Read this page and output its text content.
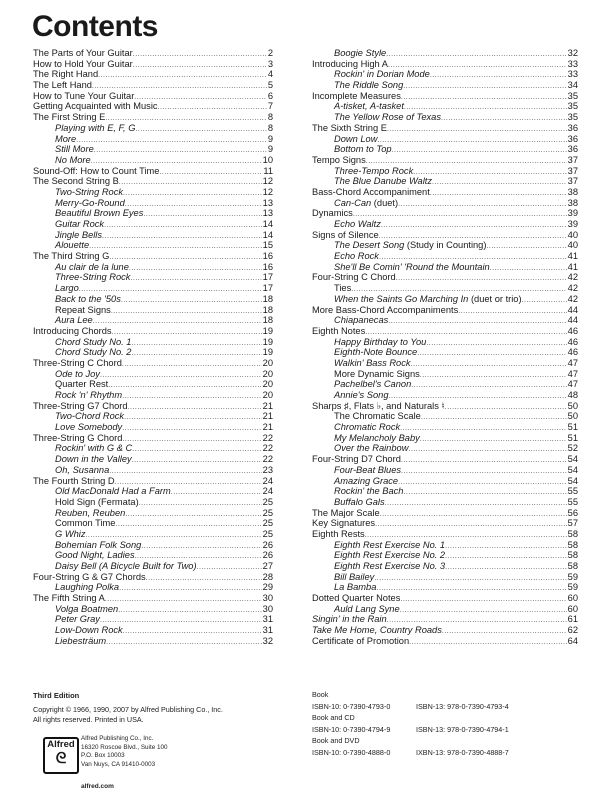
Contents
The Parts of Your Guitar .....	2
How to Hold Your Guitar .....	3
The Right Hand .....	4
The Left Hand .....	5
How to Tune Your Guitar .....	6
Getting Acquainted with Music .....	7
The First String E .....	8
Playing with E, F, G .....	8
More .....	9
Still More .....	9
No More .....	10
Sound-Off: How to Count Time .....	11
The Second String B .....	12
Two-String Rock .....	12
Merry-Go-Round .....	13
Beautiful Brown Eyes .....	13
Guitar Rock .....	14
Jingle Bells .....	14
Alouette .....	15
The Third String G .....	16
Au clair de la lune .....	16
Three-String Rock .....	17
Largo .....	17
Back to the '50s .....	18
Repeat Signs .....	18
Aura Lee .....	18
Introducing Chords .....	19
Chord Study No. 1 .....	19
Chord Study No. 2 .....	19
Three-String C Chord .....	20
Ode to Joy .....	20
Quarter Rest .....	20
Rock 'n' Rhythm .....	20
Three-String G7 Chord .....	21
Two-Chord Rock .....	21
Love Somebody .....	21
Three-String G Chord .....	22
Rockin' with G & C .....	22
Down in the Valley .....	22
Oh, Susanna .....	23
The Fourth String D .....	24
Old MacDonald Had a Farm .....	24
Hold Sign (Fermata) .....	25
Reuben, Reuben .....	25
Common Time .....	25
G Whiz .....	25
Bohemian Folk Song .....	26
Good Night, Ladies .....	26
Daisy Bell (A Bicycle Built for Two) .....	27
Four-String G & G7 Chords .....	28
Laughing Polka .....	29
The Fifth String A .....	30
Volga Boatmen .....	30
Peter Gray .....	31
Low-Down Rock .....	31
Liebesträum .....	32
Boogie Style .....	32
Introducing High A .....	33
Rockin' in Dorian Mode .....	33
The Riddle Song .....	34
Incomplete Measures .....	35
A-tisket, A-tasket .....	35
The Yellow Rose of Texas .....	35
The Sixth String E .....	36
Down Low .....	36
Bottom to Top .....	36
Tempo Signs .....	37
Three-Tempo Rock .....	37
The Blue Danube Waltz .....	37
Bass-Chord Accompaniment .....	38
Can-Can (duet) .....	38
Dynamics .....	39
Echo Waltz .....	39
Signs of Silence .....	40
The Desert Song (Study in Counting) .....	40
Echo Rock .....	41
She'll Be Comin' 'Round the Mountain .....	41
Four-String C Chord .....	42
Ties .....	42
When the Saints Go Marching In (duet or trio) .....	42
More Bass-Chord Accompaniments .....	44
Chiapanecas .....	44
Eighth Notes .....	46
Happy Birthday to You .....	46
Eighth-Note Bounce .....	46
Walkin' Bass Rock .....	47
More Dynamic Signs .....	47
Pachelbel's Canon .....	47
Annie's Song .....	48
Sharps ♯, Flats ♭, and Naturals ♮ .....	50
The Chromatic Scale .....	50
Chromatic Rock .....	51
My Melancholy Baby .....	51
Over the Rainbow .....	52
Four-String D7 Chord .....	54
Four-Beat Blues .....	54
Amazing Grace .....	54
Rockin' the Bach .....	55
Buffalo Gals .....	55
The Major Scale .....	56
Key Signatures .....	57
Eighth Rests .....	58
Eighth Rest Exercise No. 1 .....	58
Eighth Rest Exercise No. 2 .....	58
Eighth Rest Exercise No. 3 .....	58
Bill Bailey .....	59
La Bamba .....	59
Dotted Quarter Notes .....	60
Auld Lang Syne .....	60
Singin' in the Rain .....	61
Take Me Home, Country Roads .....	62
Certificate of Promotion .....	64
Third Edition
Copyright © 1966, 1990, 2007 by Alfred Publishing Co., Inc.
All rights reserved. Printed in USA.
Alfred
ᘓ
Alfred Publishing Co., Inc.
16320 Roscoe Blvd., Suite 100
P.O. Box 10003
Van Nuys, CA 91410-0003
alfred.com
Book
ISBN-10: 0-7390-4793-0	ISBN-13: 978-0-7390-4793-4
Book and CD
ISBN-10: 0-7390-4794-9	ISBN-13: 978-0-7390-4794-1
Book and DVD
ISBN-10: 0-7390-4888-0	IXBN-13: 978-0-7390-4888-7
